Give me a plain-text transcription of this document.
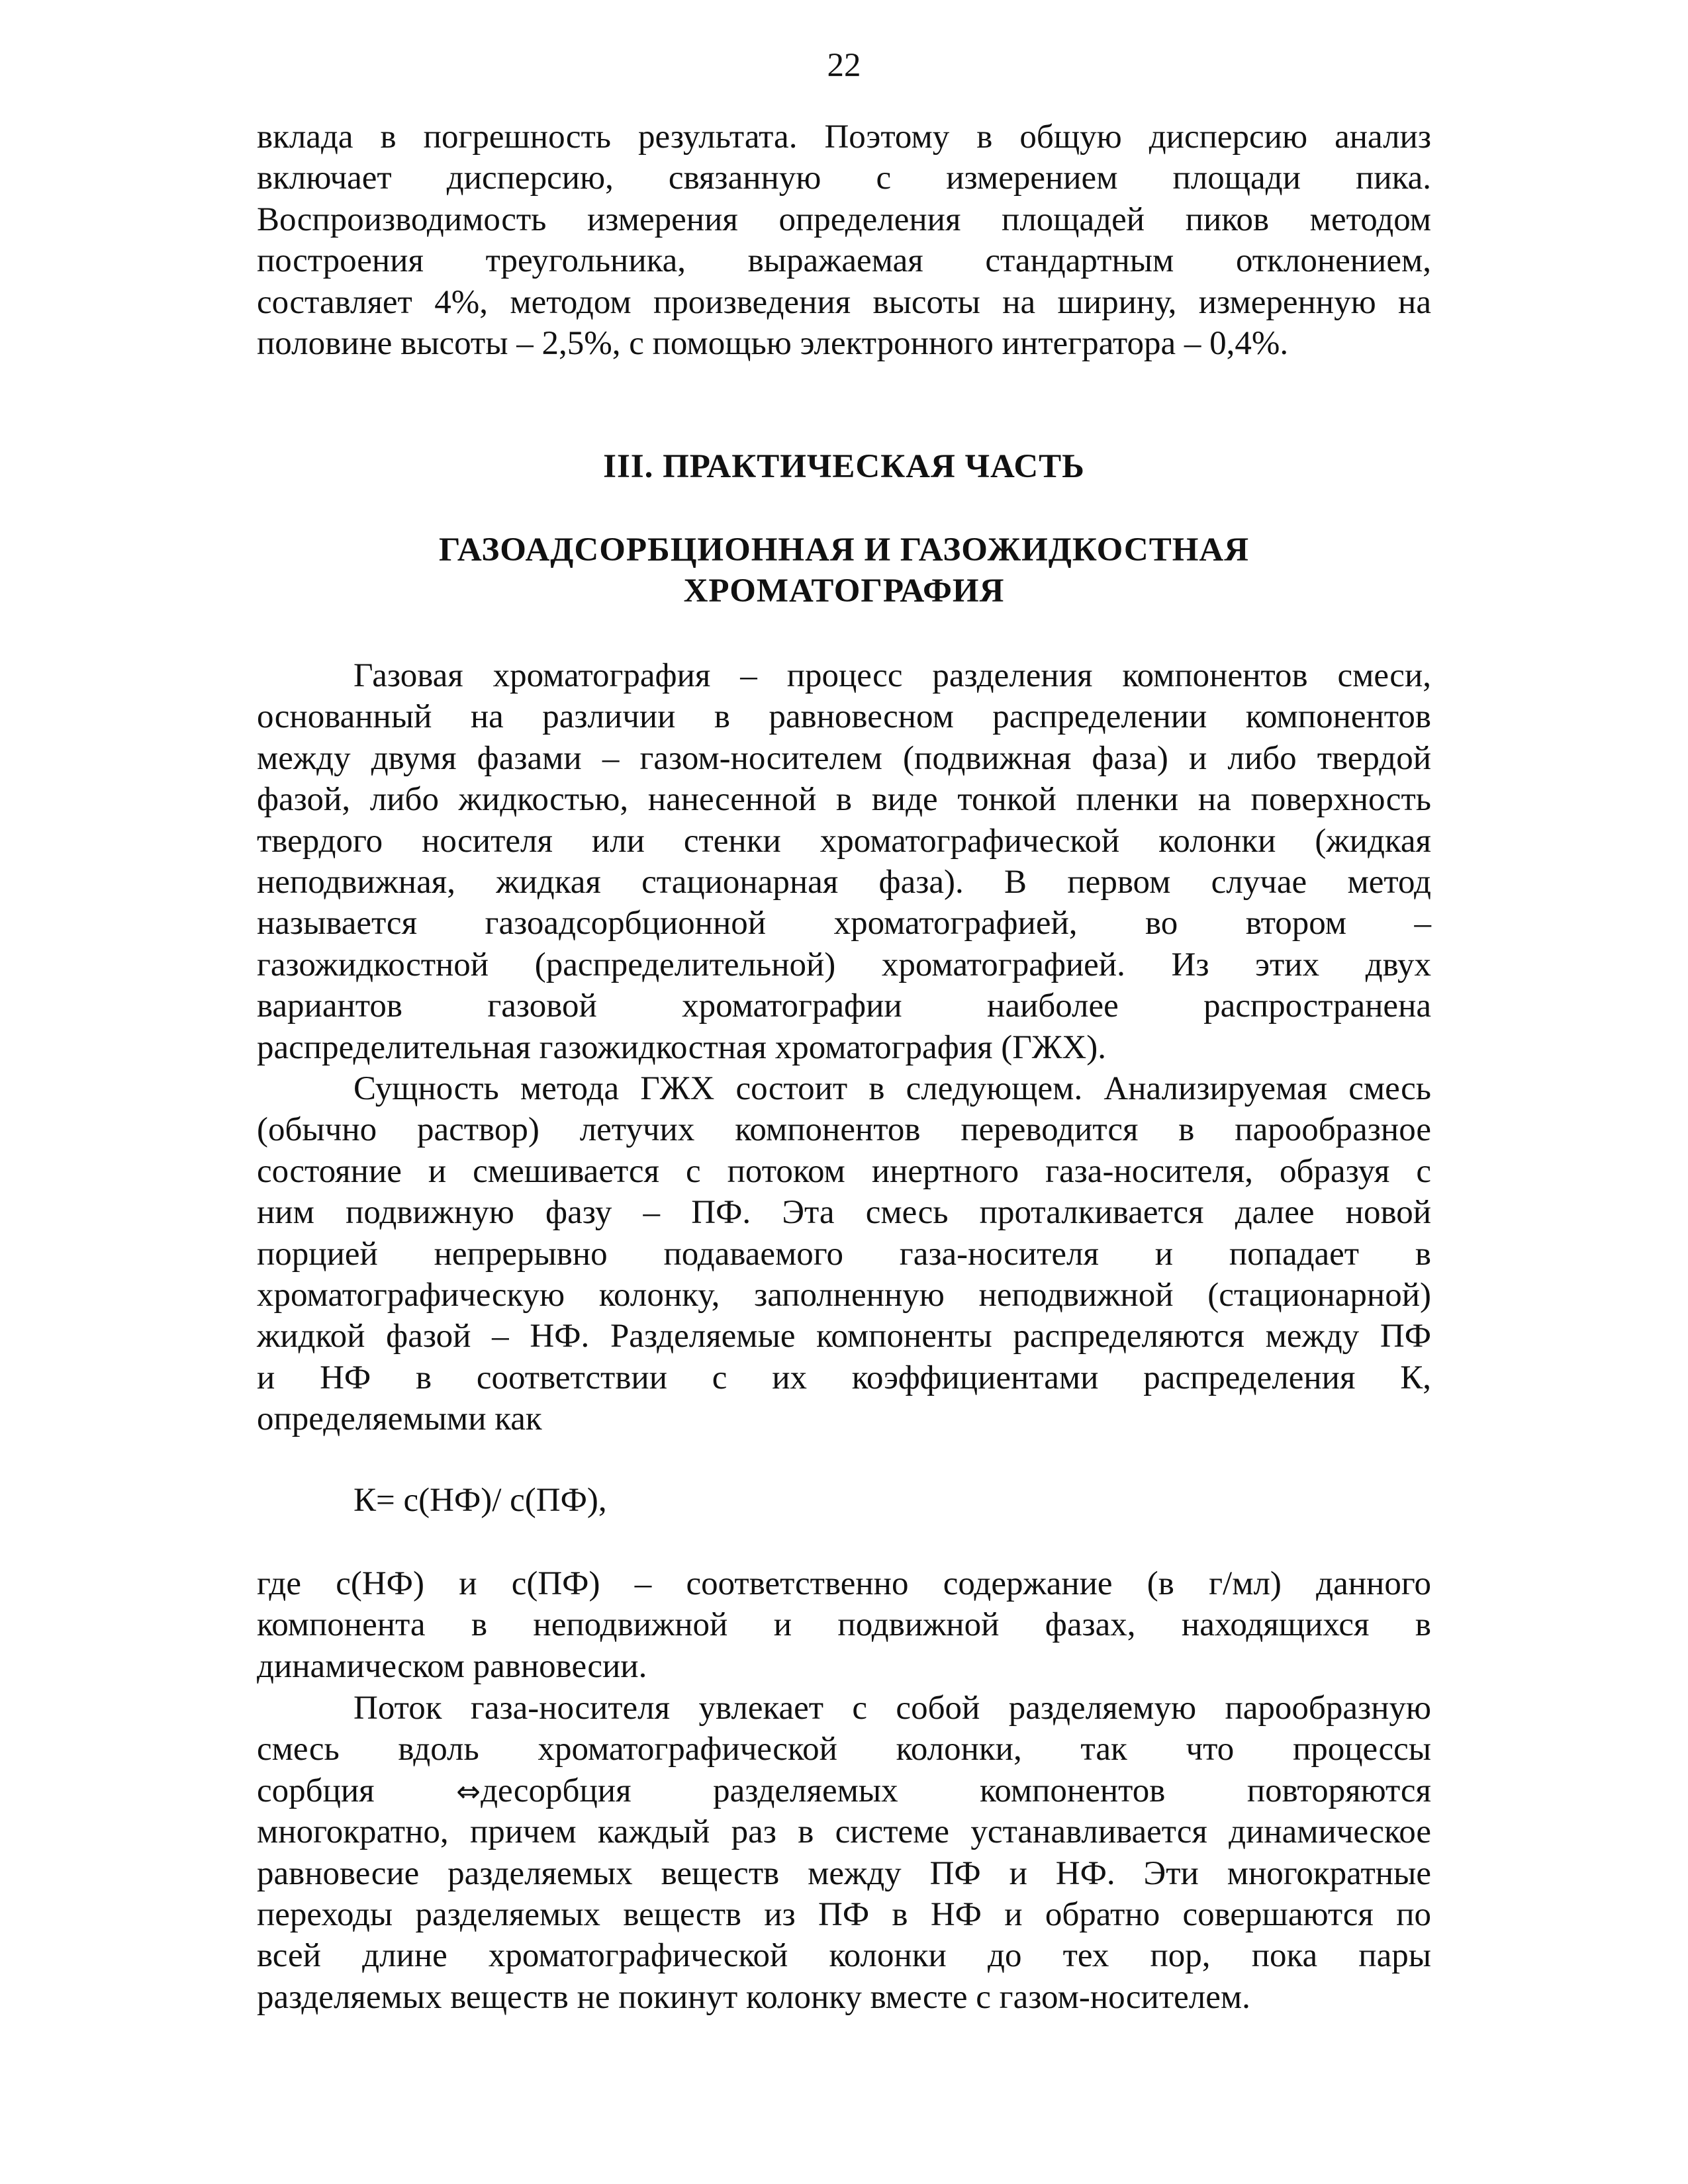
22
вклада в погрешность результата. Поэтому в общую дисперсию анализ
включает дисперсию, связанную с измерением площади пика.
Воспроизводимость измерения определения площадей пиков методом
построения треугольника, выражаемая стандартным отклонением,
составляет 4%, методом произведения высоты на ширину, измеренную на
половине высоты – 2,5%, с помощью электронного интегратора – 0,4%.
III. ПРАКТИЧЕСКАЯ ЧАСТЬ
ГАЗОАДСОРБЦИОННАЯ И ГАЗОЖИДКОСТНАЯ
ХРОМАТОГРАФИЯ
Газовая хроматография – процесс разделения компонентов смеси,
основанный на различии в равновесном распределении компонентов
между двумя фазами – газом-носителем (подвижная фаза) и либо твердой
фазой, либо жидкостью, нанесенной в виде тонкой пленки на поверхность
твердого носителя или стенки хроматографической колонки (жидкая
неподвижная, жидкая стационарная фаза). В первом случае метод
называется газоадсорбционной хроматографией, во втором –
газожидкостной (распределительной) хроматографией. Из этих двух
вариантов газовой хроматографии наиболее распространена
распределительная газожидкостная хроматография (ГЖХ).
Сущность метода ГЖХ состоит в следующем. Анализируемая смесь
(обычно раствор) летучих компонентов переводится в парообразное
состояние и смешивается с потоком инертного газа-носителя, образуя с
ним подвижную фазу – ПФ. Эта смесь проталкивается далее новой
порцией непрерывно подаваемого газа-носителя и попадает в
хроматографическую колонку, заполненную неподвижной (стационарной)
жидкой фазой – НФ. Разделяемые компоненты распределяются между ПФ
и НФ в соответствии с их коэффициентами распределения К,
определяемыми как
К= с(НФ)/ с(ПФ),
где с(НФ) и с(ПФ) – соответственно содержание (в г/мл) данного
компонента в неподвижной и подвижной фазах, находящихся в
динамическом равновесии.
Поток газа-носителя увлекает с собой разделяемую парообразную
смесь вдоль хроматографической колонки, так что процессы
сорбция	⇔десорбция разделяемых компонентов повторяются
многократно, причем каждый раз в системе устанавливается динамическое
равновесие разделяемых веществ между ПФ и НФ. Эти многократные
переходы разделяемых веществ из ПФ в НФ и обратно совершаются по
всей длине хроматографической колонки до тех пор, пока пары
разделяемых веществ не покинут колонку вместе с газом-носителем.
